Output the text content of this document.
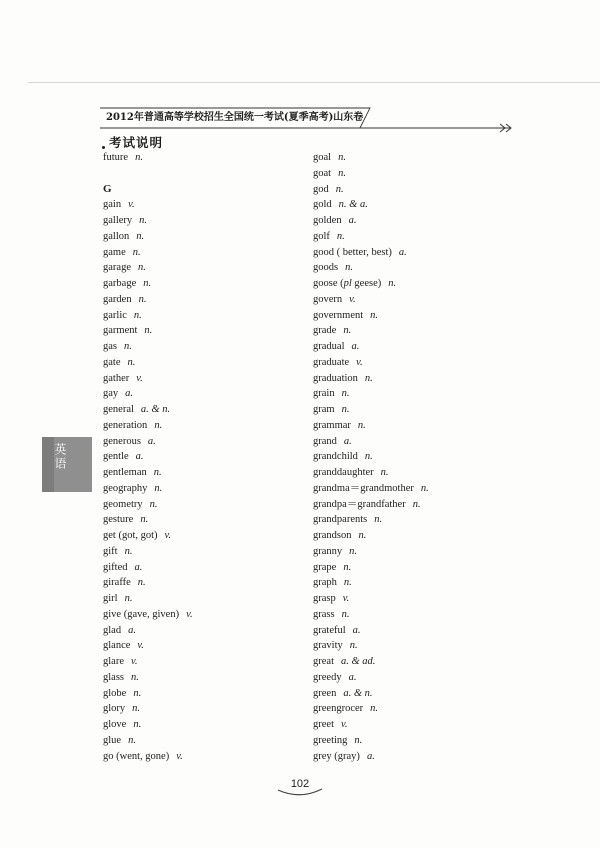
2012年普通高等学校招生全国统一考试(夏季高考)山东卷
考试说明
future n.
G
gain v.
gallery n.
gallon n.
game n.
garage n.
garbage n.
garden n.
garlic n.
garment n.
gas n.
gate n.
gather v.
gay a.
general a. & n.
generation n.
generous a.
gentle a.
gentleman n.
geography n.
geometry n.
gesture n.
get (got, got) v.
gift n.
gifted a.
giraffe n.
girl n.
give (gave, given) v.
glad a.
glance v.
glare v.
glass n.
globe n.
glory n.
glove n.
glue n.
go (went, gone) v.
goal n.
goat n.
god n.
gold n. & a.
golden a.
golf n.
good ( better, best) a.
goods n.
goose (pl geese) n.
govern v.
government n.
grade n.
gradual a.
graduate v.
graduation n.
grain n.
gram n.
grammar n.
grand a.
grandchild n.
granddaughter n.
grandma＝grandmother n.
grandpa＝grandfather n.
grandparents n.
grandson n.
granny n.
grape n.
graph n.
grasp v.
grass n.
grateful a.
gravity n.
great a. & ad.
greedy a.
green a. & n.
greengrocer n.
greet v.
greeting n.
grey (gray) a.
英语
102
